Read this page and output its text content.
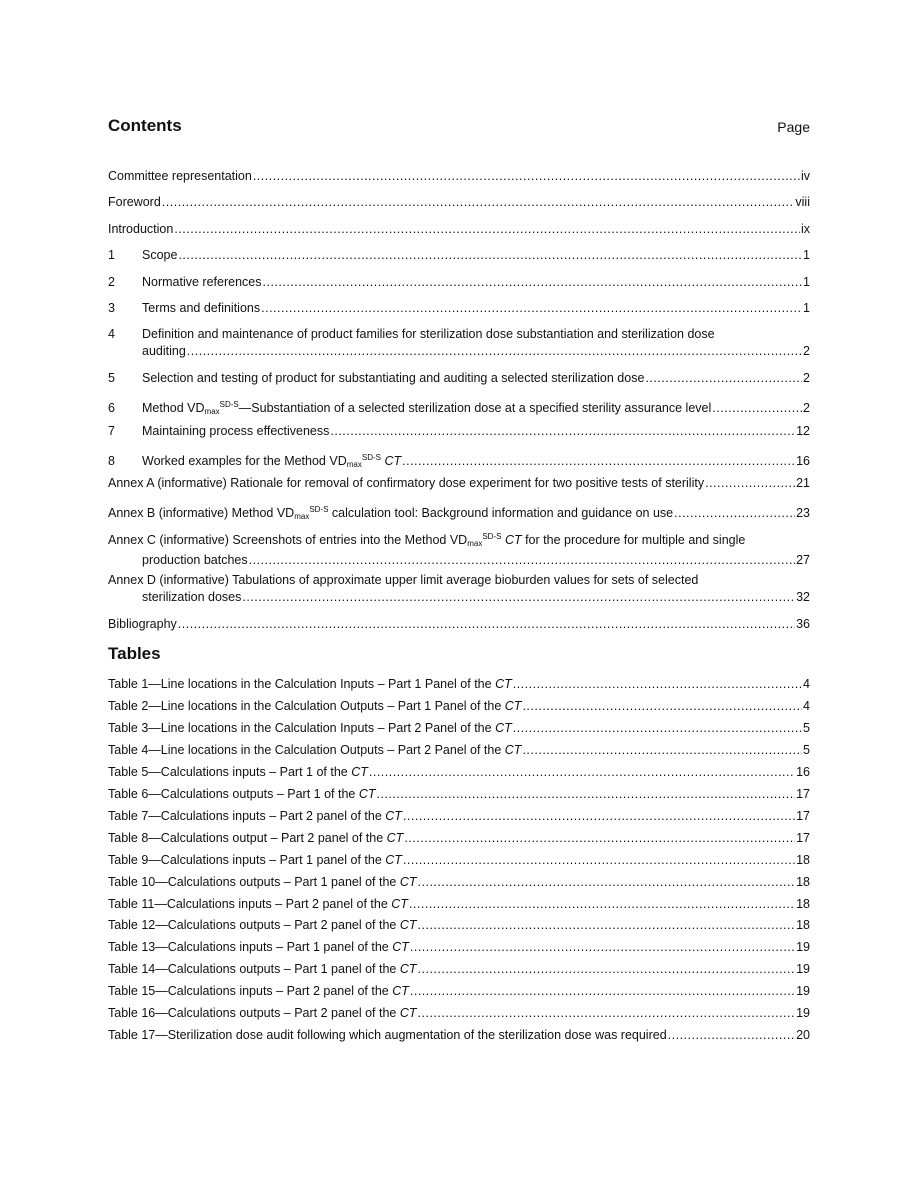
Contents	Page
Committee representation .....	iv
Foreword .....	viii
Introduction .....	ix
1 Scope .....	1
2 Normative references .....	1
3 Terms and definitions .....	1
4 Definition and maintenance of product families for sterilization dose substantiation and sterilization dose
auditing .....	2
5 Selection and testing of product for substantiating and auditing a selected sterilization dose .....	2
6 Method $VD_{max}^{SD-S}—Substantiation$ of a selected sterilization dose at a specified sterility assurance level .....	2
7 Maintaining process effectiveness .....	12
8 Worked examples for the Method $VD_{max}^{SD-S}$ CT .....	16
Annex A (informative) Rationale for removal of confirmatory dose experiment for two positive tests of sterility .....	21
Annex B (informative) Method $VD_{max}^{SD-S}$ calculation tool: Background information and guidance on use .....	23
Annex C (informative) Screenshots of entries into the Method $VD_{max}^{SD-S}$ CT for the procedure for multiple and single
production batches .....	27
Annex D (informative) Tabulations of approximate upper limit average bioburden values for sets of selected
sterilization doses .....	32
Bibliography .....	36
Tables
Table 1—Line locations in the Calculation Inputs – Part 1 Panel of the CT .....	4
Table 2—Line locations in the Calculation Outputs – Part 1 Panel of the CT .....	4
Table 3—Line locations in the Calculation Inputs – Part 2 Panel of the CT .....	5
Table 4—Line locations in the Calculation Outputs – Part 2 Panel of the CT .....	5
Table 5—Calculations inputs – Part 1 of the CT .....	16
Table 6—Calculations outputs – Part 1 of the CT .....	17
Table 7—Calculations inputs – Part 2 panel of the CT .....	17
Table 8—Calculations output – Part 2 panel of the CT .....	17
Table 9—Calculations inputs – Part 1 panel of the CT .....	18
Table 10—Calculations outputs – Part 1 panel of the CT .....	18
Table 11—Calculations inputs – Part 2 panel of the CT .....	18
Table 12—Calculations outputs – Part 2 panel of the CT .....	18
Table 13—Calculations inputs – Part 1 panel of the CT .....	19
Table 14—Calculations outputs – Part 1 panel of the CT .....	19
Table 15—Calculations inputs – Part 2 panel of the CT .....	19
Table 16—Calculations outputs – Part 2 panel of the CT .....	19
Table 17—Sterilization dose audit following which augmentation of the sterilization dose was required .....	20
